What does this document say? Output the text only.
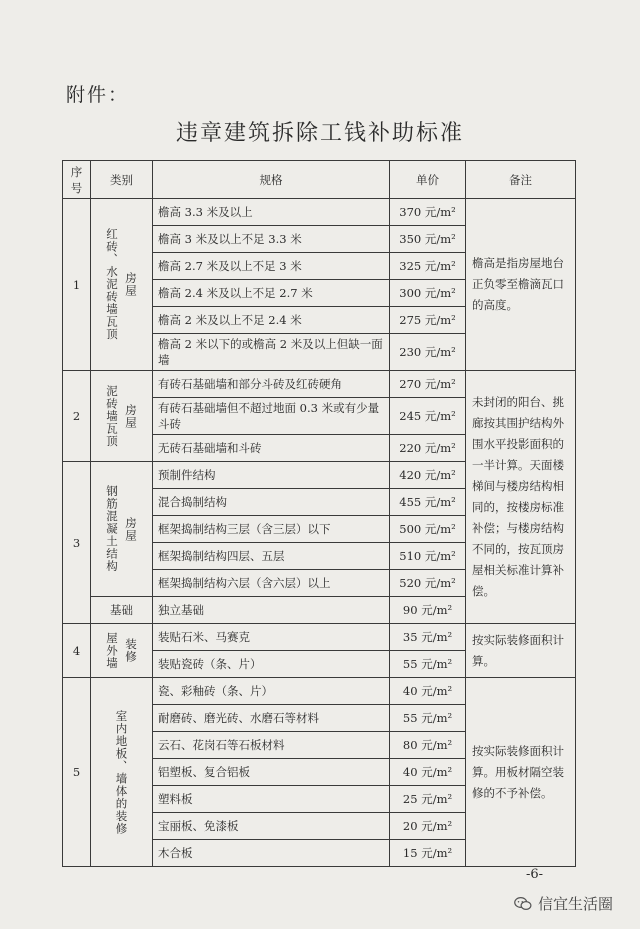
附件：
违章建筑拆除工钱补助标准
序号	类别	规格	单价	备注
1	红砖、水泥砖墙瓦顶 房屋	檐高 3.3 米及以上	370 元/m²	檐高是指房屋地台正负零至檐滴瓦口的高度。
		檐高 3 米及以上不足 3.3 米	350 元/m²	
		檐高 2.7 米及以上不足 3 米	325 元/m²	
		檐高 2.4 米及以上不足 2.7 米	300 元/m²	
		檐高 2 米及以上不足 2.4 米	275 元/m²	
		檐高 2 米以下的或檐高 2 米及以上但缺一面墙	230 元/m²	
2	泥砖墙瓦顶 房屋	有砖石基础墙和部分斗砖及红砖硬角	270 元/m²	未封闭的阳台、挑廊按其围护结构外围水平投影面积的一半计算。天面楼梯间与楼房结构相同的，按楼房标准补偿；与楼房结构不同的，按瓦顶房屋相关标准计算补偿。
		有砖石基础墙但不超过地面 0.3 米或有少量斗砖	245 元/m²	
		无砖石基础墙和斗砖	220 元/m²	
3	钢筋混凝土结构 房屋	预制件结构	420 元/m²	
		混合捣制结构	455 元/m²	
		框架捣制结构三层（含三层）以下	500 元/m²	
		框架捣制结构四层、五层	510 元/m²	
		框架捣制结构六层（含六层）以上	520 元/m²	
	基础	独立基础	90 元/m²	
4	屋外墙 装修	装贴石米、马赛克	35 元/m²	按实际装修面积计算。
		装贴瓷砖（条、片）	55 元/m²	
5	室内地板、墙体的装修	瓷、彩釉砖（条、片）	40 元/m²	按实际装修面积计算。用板材隔空装修的不予补偿。
		耐磨砖、磨光砖、水磨石等材料	55 元/m²	
		云石、花岗石等石板材料	80 元/m²	
		铝塑板、复合铝板	40 元/m²	
		塑料板	25 元/m²	
		宝丽板、免漆板	20 元/m²	
		木合板	15 元/m²	
-6-
信宜生活圈
